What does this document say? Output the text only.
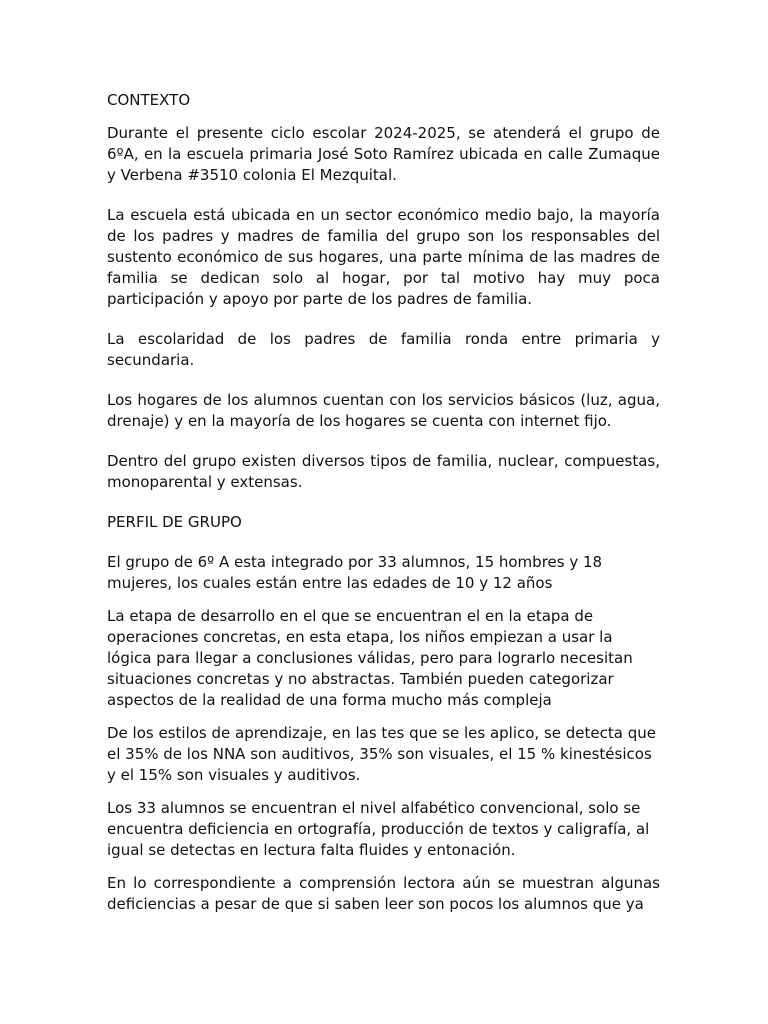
CONTEXTO

Durante el presente ciclo escolar 2024-2025, se atenderá el grupo de 6ºA, en la escuela primaria José Soto Ramírez ubicada en calle Zumaque y Verbena #3510 colonia El Mezquital.

La escuela está ubicada en un sector económico medio bajo, la mayoría de los padres y madres de familia del grupo son los responsables del sustento económico de sus hogares, una parte mínima de las madres de familia se dedican solo al hogar, por tal motivo hay muy poca participación y apoyo por parte de los padres de familia.

La escolaridad de los padres de familia ronda entre primaria y secundaria.

Los hogares de los alumnos cuentan con los servicios básicos (luz, agua, drenaje) y en la mayoría de los hogares se cuenta con internet fijo.

Dentro del grupo existen diversos tipos de familia, nuclear, compuestas, monoparental y extensas.

PERFIL DE GRUPO

El grupo de 6º A esta integrado por 33 alumnos, 15 hombres y 18 mujeres, los cuales están entre las edades de 10 y 12 años

La etapa de desarrollo en el que se encuentran el en la etapa de operaciones concretas, en esta etapa, los niños empiezan a usar la lógica para llegar a conclusiones válidas, pero para lograrlo necesitan situaciones concretas y no abstractas. También pueden categorizar aspectos de la realidad de una forma mucho más compleja

De los estilos de aprendizaje, en las tes que se les aplico, se detecta que el 35% de los NNA son auditivos, 35% son visuales, el 15 % kinestésicos y el 15% son visuales y auditivos.

Los 33 alumnos se encuentran el nivel alfabético convencional, solo se encuentra deficiencia en ortografía, producción de textos y caligrafía, al igual se detectas en lectura falta fluides y entonación.

En lo correspondiente a comprensión lectora aún se muestran algunas deficiencias a pesar de que si saben leer son pocos los alumnos que ya
